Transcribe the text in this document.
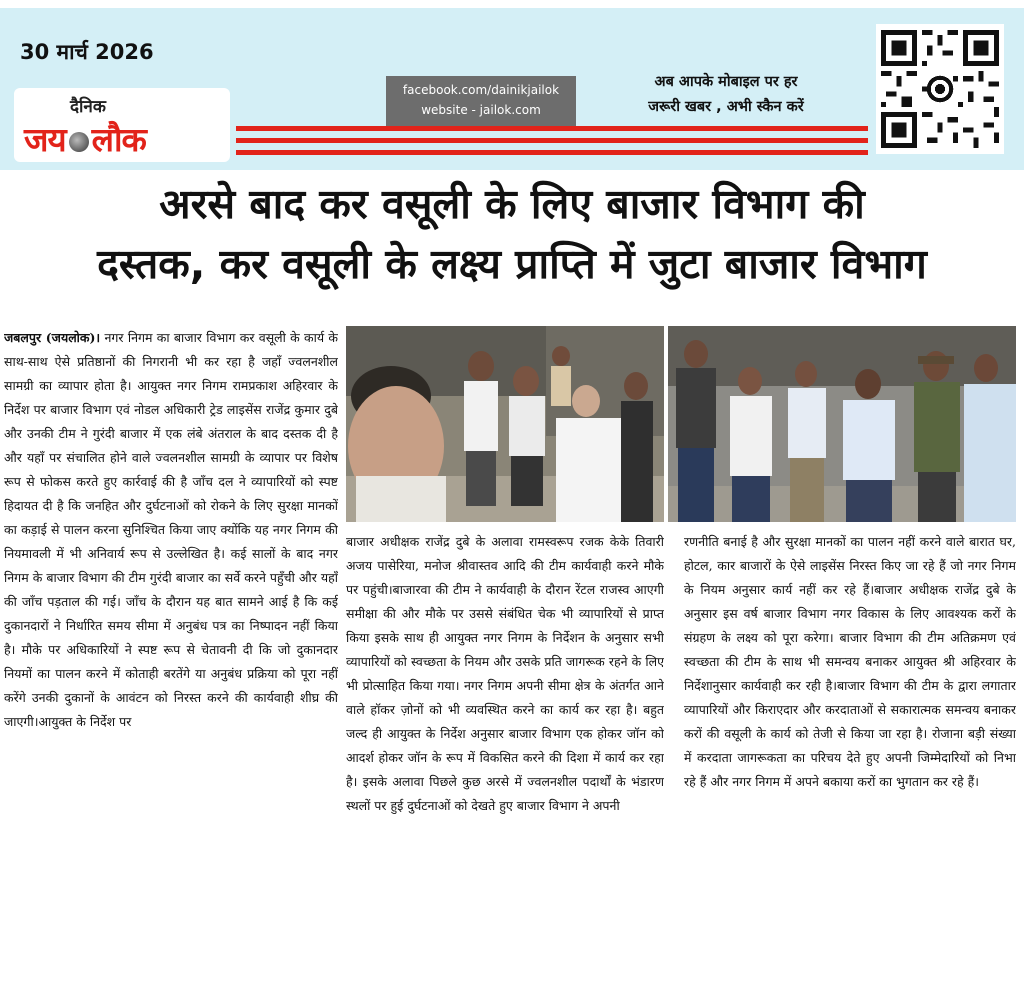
30 मार्च 2026
दैनिक
जय लौक
facebook.com/dainikjailok
website - jailok.com
अब आपके मोबाइल पर हर
जरूरी खबर , अभी स्कैन करें
अरसे बाद कर वसूली के लिए बाजार विभाग की
दस्तक, कर वसूली के लक्ष्य प्राप्ति में जुटा बाजार विभाग
जबलपुर (जयलोक)। नगर निगम का बाजार विभाग कर वसूली के कार्य के साथ-साथ ऐसे प्रतिष्ठानों की निगरानी भी कर रहा है जहाँ ज्वलनशील सामग्री का व्यापार होता है। आयुक्त नगर निगम रामप्रकाश अहिरवार के निर्देश पर बाजार विभाग एवं नोडल अधिकारी ट्रेड लाइसेंस राजेंद्र कुमार दुबे और उनकी टीम ने गुरंदी बाजार में एक लंबे अंतराल के बाद दस्तक दी है और यहाँ पर संचालित होने वाले ज्वलनशील सामग्री के व्यापार पर विशेष रूप से फोकस करते हुए कार्रवाई की है जाँच दल ने व्यापारियों को स्पष्ट हिदायत दी है कि जनहित और दुर्घटनाओं को रोकने के लिए सुरक्षा मानकों का कड़ाई से पालन करना सुनिश्चित किया जाए क्योंकि यह नगर निगम की नियमावली में भी अनिवार्य रूप से उल्लेखित है। कई सालों के बाद नगर निगम के बाजार विभाग की टीम गुरंदी बाजार का सर्वे करने पहुँची और यहाँ की जाँच पड़ताल की गई। जाँच के दौरान यह बात सामने आई है कि कई दुकानदारों ने निर्धारित समय सीमा में अनुबंध पत्र का निष्पादन नहीं किया है। मौके पर अधिकारियों ने स्पष्ट रूप से चेतावनी दी कि जो दुकानदार नियमों का पालन करने में कोताही बरतेंगे या अनुबंध प्रक्रिया को पूरा नहीं करेंगे उनकी दुकानों के आवंटन को निरस्त करने की कार्यवाही शीघ्र की जाएगी।आयुक्त के निर्देश पर
बाजार अधीक्षक राजेंद्र दुबे के अलावा रामस्वरूप रजक केके तिवारी अजय पासेरिया, मनोज श्रीवास्तव आदि की टीम कार्यवाही करने मौके पर पहुंची।बाजारवा की टीम ने कार्यवाही के दौरान रेंटल राजस्व आएगी समीक्षा की और मौके पर उससे संबंधित चेक भी व्यापारियों से प्राप्त किया इसके साथ ही आयुक्त नगर निगम के निर्देशन के अनुसार सभी व्यापारियों को स्वच्छता के नियम और उसके प्रति जागरूक रहने के लिए भी प्रोत्साहित किया गया। नगर निगम अपनी सीमा क्षेत्र के अंतर्गत आने वाले हॉकर ज़ोनों को भी व्यवस्थित करने का कार्य कर रहा है। बहुत जल्द ही आयुक्त के निर्देश अनुसार बाजार विभाग एक होकर जॉन को आदर्श होकर जॉन के रूप में विकसित करने की दिशा में कार्य कर रहा है। इसके अलावा पिछले कुछ अरसे में ज्वलनशील पदार्थों के भंडारण स्थलों पर हुई दुर्घटनाओं को देखते हुए बाजार विभाग ने अपनी
रणनीति बनाई है और सुरक्षा मानकों का पालन नहीं करने वाले बारात घर, होटल, कार बाजारों के ऐसे लाइसेंस निरस्त किए जा रहे हैं जो नगर निगम के नियम अनुसार कार्य नहीं कर रहे हैं।बाजार अधीक्षक राजेंद्र दुबे के अनुसार इस वर्ष बाजार विभाग नगर विकास के लिए आवश्यक करों के संग्रहण के लक्ष्य को पूरा करेगा। बाजार विभाग की टीम अतिक्रमण एवं स्वच्छता की टीम के साथ भी समन्वय बनाकर आयुक्त श्री अहिरवार के निर्देशानुसार कार्यवाही कर रही है।बाजार विभाग की टीम के द्वारा लगातार व्यापारियों और किराएदार और करदाताओं से सकारात्मक समन्वय बनाकर करों की वसूली के कार्य को तेजी से किया जा रहा है। रोजाना बड़ी संख्या में करदाता जागरूकता का परिचय देते हुए अपनी जिम्मेदारियों को निभा रहे हैं और नगर निगम में अपने बकाया करों का भुगतान कर रहे हैं।
